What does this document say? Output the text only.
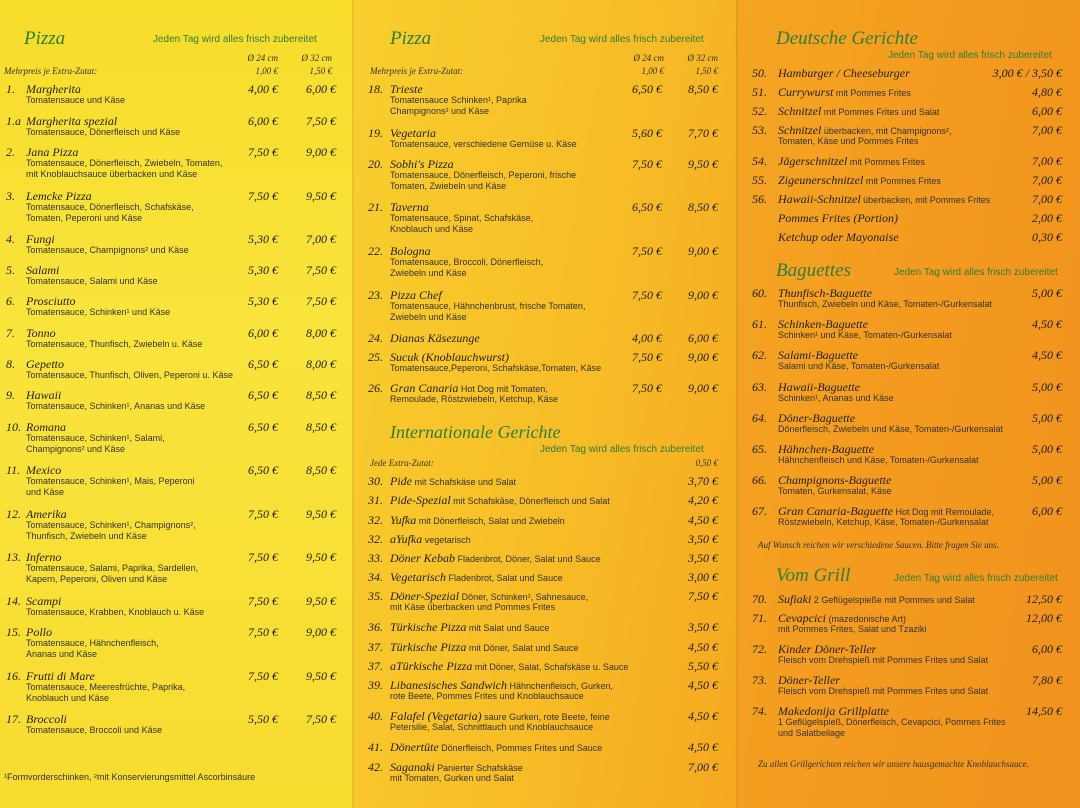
Pizza	Jeden Tag wird alles frisch zubereitet
Ø 24 cm	Ø 32 cm
Mehrpreis je Extra-Zutat:	1,00 €	1,50 €
1. Margherita
Tomatensauce und Käse
4,00 €	6,00 €
1.a Margherita spezial
Tomatensauce, Dönerfleisch und Käse
6,00 €	7,50 €
2. Jana Pizza
Tomatensauce, Dönerfleisch, Zwiebeln, Tomaten,
mit Knoblauchsauce überbacken und Käse
7,50 €	9,00 €
3. Lemcke Pizza
Tomatensauce, Dönerfleisch, Schafskäse,
Tomaten, Peperoni und Käse
7,50 €	9,50 €
4. Fungi
Tomatensauce, Champignons² und Käse
5,30 €	7,00 €
5. Salami
Tomatensauce, Salami und Käse
5,30 €	7,50 €
6. Prosciutto
Tomatensauce, Schinken¹ und Käse
5,30 €	7,50 €
7. Tonno
Tomatensauce, Thunfisch, Zwiebeln u. Käse
6,00 €	8,00 €
8. Gepetto
Tomatensauce, Thunfisch, Oliven, Peperoni u. Käse
6,50 €	8,00 €
9. Hawaii
Tomatensauce, Schinken¹, Ananas und Käse
6,50 €	8,50 €
10. Romana
Tomatensauce, Schinken¹, Salami,
Champignons² und Käse
6,50 €	8,50 €
11. Mexico
Tomatensauce, Schinken¹, Mais, Peperoni
und Käse
6,50 €	8,50 €
12. Amerika
Tomatensauce, Schinken¹, Champignons²,
Thunfisch, Zwiebeln und Käse
7,50 €	9,50 €
13. Inferno
Tomatensauce, Salami, Paprika, Sardellen,
Kapern, Peperoni, Oliven und Käse
7,50 €	9,50 €
14. Scampi
Tomatensauce, Krabben, Knoblauch u. Käse
7,50 €	9,50 €
15. Pollo
Tomatensauce, Hähnchenfleisch,
Ananas und Käse
7,50 €	9,00 €
16. Frutti di Mare
Tomatensauce, Meeresfrüchte, Paprika,
Knoblauch und Käse
7,50 €	9,50 €
17. Broccoli
Tomatensauce, Broccoli und Käse
5,50 €	7,50 €
¹Formvorderschinken, ²mit Konservierungsmittel Ascorbinsäure
Pizza	Jeden Tag wird alles frisch zubereitet
Ø 24 cm	Ø 32 cm
Mehrpreis je Extra-Zutat:	1,00 €	1,50 €
18. Trieste
Tomatensauce Schinken¹, Paprika
Champignons² und Käse
6,50 €	8,50 €
19. Vegetaria
Tomatensauce, verschiedene Gemüse u. Käse
5,60 €	7,70 €
20. Sobhi's Pizza
Tomatensauce, Dönerfleisch, Peperoni, frische
Tomaten, Zwiebeln und Käse
7,50 €	9,50 €
21. Taverna
Tomatensauce, Spinat, Schafskäse,
Knoblauch und Käse
6,50 €	8,50 €
22. Bologna
Tomatensauce, Broccoli, Dönerfleisch,
Zwiebeln und Käse
7,50 €	9,00 €
23. Pizza Chef
Tomatensauce, Hähnchenbrust, frische Tomaten,
Zwiebeln und Käse
7,50 €	9,00 €
24. Dianas Käsezunge	4,00 €	6,00 €
25. Sucuk (Knoblauchwurst)
Tomatensauce,Peperoni, Schafskäse,Tomaten, Käse
7,50 €	9,00 €
26. Gran Canaria Hot Dog mit Tomaten,
Remoulade, Röstzwiebeln, Ketchup, Käse
7,50 €	9,00 €
Internationale Gerichte
Jeden Tag wird alles frisch zubereitet
Jede Extra-Zutat:	0,50 €
30. Pide mit Schafskäse und Salat	3,70 €
31. Pide-Spezial mit Schafskäse, Dönerfleisch und Salat	4,20 €
32. Yufka mit Dönerfleisch, Salat und Zwiebeln	4,50 €
32. aYufka vegetarisch	3,50 €
33. Döner Kebab Fladenbrot, Döner, Salat und Sauce	3,50 €
34. Vegetarisch Fladenbrot, Salat und Sauce	3,00 €
35. Döner-Spezial Döner, Schinken¹, Sahnesauce,
mit Käse überbacken und Pommes Frites
7,50 €
36. Türkische Pizza mit Salat und Sauce	3,50 €
37. Türkische Pizza mit Döner, Salat und Sauce	4,50 €
37. aTürkische Pizza mit Döner, Salat, Schafskäse u. Sauce	5,50 €
39. Libanesisches Sandwich Hähnchenfleisch, Gurken,
rote Beete, Pommes Frites und Knoblauchsauce
4,50 €
40. Falafel (Vegetaria) saure Gurken, rote Beete, feine
Petersilie, Salat, Schnittlauch und Knoblauchsauce
4,50 €
41. Dönertüte Dönerfleisch, Pommes Frites und Sauce	4,50 €
42. Saganaki Panierter Schafskäse
mit Tomaten, Gurken und Salat
7,00 €
Deutsche Gerichte
Jeden Tag wird alles frisch zubereitet
50. Hamburger / Cheeseburger	3,00 € / 3,50 €
51. Currywurst mit Pommes Frites	4,80 €
52. Schnitzel mit Pommes Frites und Salat	6,00 €
53. Schnitzel überbacken, mit Champignons²,
Tomaten, Käse und Pommes Frites
7,00 €
54. Jägerschnitzel mit Pommes Frites	7,00 €
55. Zigeunerschnitzel mit Pommes Frites	7,00 €
56. Hawaii-Schnitzel überbacken, mit Pommes Frites	7,00 €
Pommes Frites (Portion)	2,00 €
Ketchup oder Mayonaise	0,30 €
Baguettes	Jeden Tag wird alles frisch zubereitet
60. Thunfisch-Baguette
Thunfisch, Zwiebeln und Käse, Tomaten-/Gurkensalat
5,00 €
61. Schinken-Baguette
Schinken¹ und Käse, Tomaten-/Gurkensalat
4,50 €
62. Salami-Baguette
Salami und Käse, Tomaten-/Gurkensalat
4,50 €
63. Hawaii-Baguette
Schinken¹, Ananas und Käse
5,00 €
64. Döner-Baguette
Dönerfleisch, Zwiebeln und Käse, Tomaten-/Gurkensalat
5,00 €
65. Hähnchen-Baguette
Hähnchenfleisch und Käse, Tomaten-/Gurkensalat
5,00 €
66. Champignons-Baguette
Tomaten, Gurkensalat, Käse
5,00 €
67. Gran Canaria-Baguette Hot Dog mit Remoulade,
Röstzwiebeln, Ketchup, Käse, Tomaten-/Gurkensalat
6,00 €
Auf Wunsch reichen wir verschiedene Saucen. Bitte fragen Sie uns.
Vom Grill	Jeden Tag wird alles frisch zubereitet
70. Sufiaki 2 Geflügelspieße mit Pommes und Salat	12,50 €
71. Cevapcici (mazedonische Art)
mit Pommes Frites, Salat und Tzaziki
12,00 €
72. Kinder Döner-Teller
Fleisch vom Drehspieß mit Pommes Frites und Salat
6,00 €
73. Döner-Teller
Fleisch vom Drehspieß mit Pommes Frites und Salat
7,80 €
74. Makedonija Grillplatte
1 Geflügelspieß, Dönerfleisch, Cevapcici, Pommes Frites
und Salatbeilage
14,50 €
Zu allen Grillgerichten reichen wir unsere hausgemachte Knoblauchsauce.
